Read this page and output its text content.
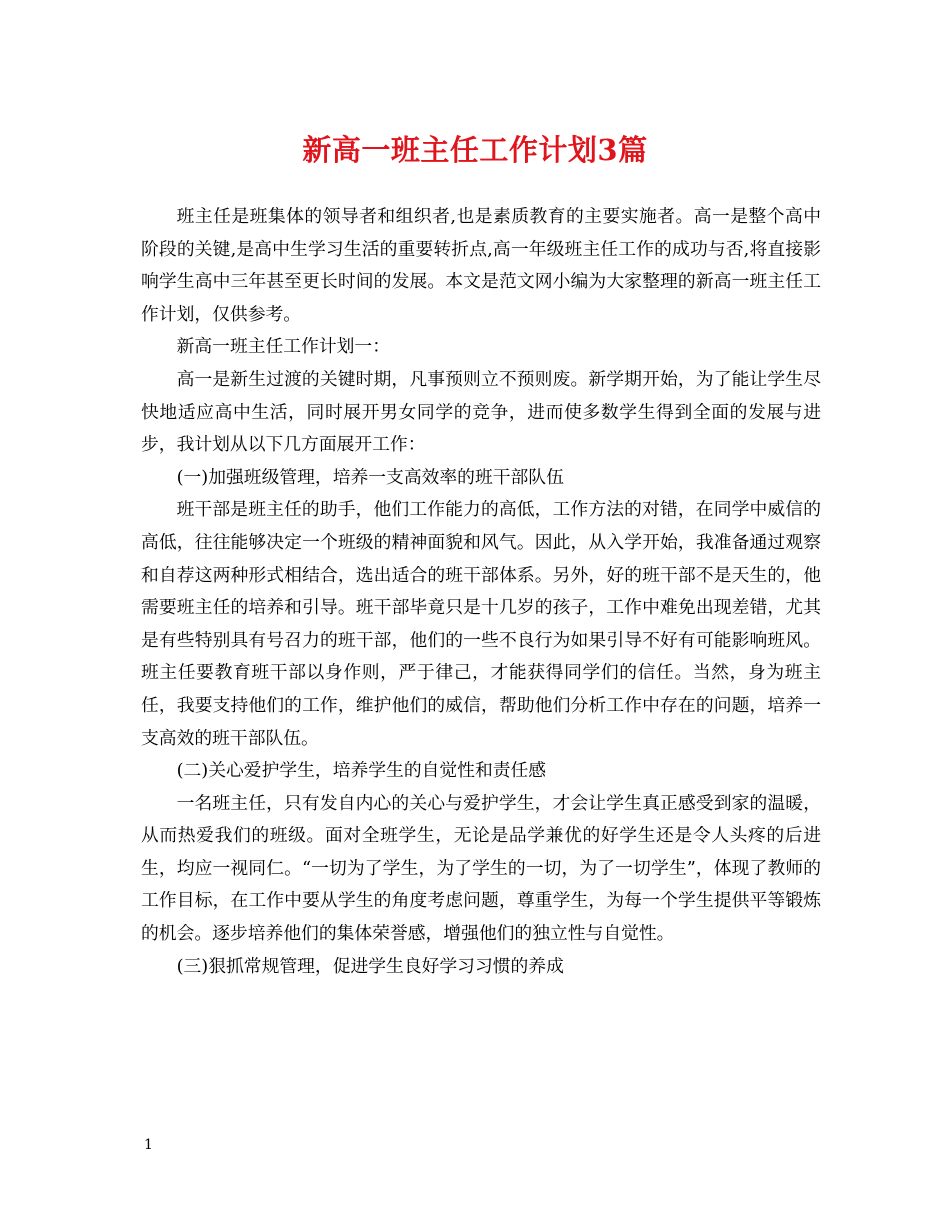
新高一班主任工作计划3篇

班主任是班集体的领导者和组织者,也是素质教育的主要实施者。高一是整个高中阶段的关键,是高中生学习生活的重要转折点,高一年级班主任工作的成功与否,将直接影响学生高中三年甚至更长时间的发展。本文是范文网小编为大家整理的新高一班主任工作计划，仅供参考。

新高一班主任工作计划一：

高一是新生过渡的关键时期，凡事预则立不预则废。新学期开始，为了能让学生尽快地适应高中生活，同时展开男女同学的竞争，进而使多数学生得到全面的发展与进步，我计划从以下几方面展开工作：

(一)加强班级管理，培养一支高效率的班干部队伍

班干部是班主任的助手，他们工作能力的高低，工作方法的对错，在同学中威信的高低，往往能够决定一个班级的精神面貌和风气。因此，从入学开始，我准备通过观察和自荐这两种形式相结合，选出适合的班干部体系。另外，好的班干部不是天生的，他需要班主任的培养和引导。班干部毕竟只是十几岁的孩子，工作中难免出现差错，尤其是有些特别具有号召力的班干部，他们的一些不良行为如果引导不好有可能影响班风。班主任要教育班干部以身作则，严于律己，才能获得同学们的信任。当然，身为班主任，我要支持他们的工作，维护他们的威信，帮助他们分析工作中存在的问题，培养一支高效的班干部队伍。

(二)关心爱护学生，培养学生的自觉性和责任感

一名班主任，只有发自内心的关心与爱护学生，才会让学生真正感受到家的温暖，从而热爱我们的班级。面对全班学生，无论是品学兼优的好学生还是令人头疼的后进生，均应一视同仁。“一切为了学生，为了学生的一切，为了一切学生”，体现了教师的工作目标，在工作中要从学生的角度考虑问题，尊重学生，为每一个学生提供平等锻炼的机会。逐步培养他们的集体荣誉感，增强他们的独立性与自觉性。

(三)狠抓常规管理，促进学生良好学习习惯的养成

1
